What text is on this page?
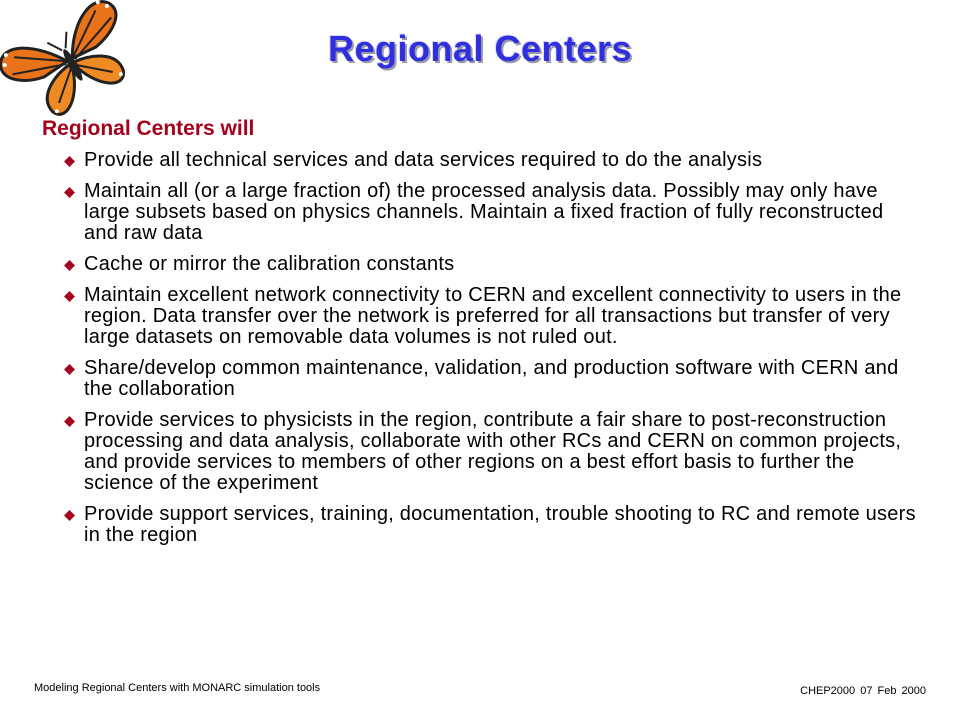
Regional Centers
Regional Centers will
Provide all technical services and data services required to do the analysis
Maintain all (or a large fraction of) the processed analysis data. Possibly may only have large subsets based on physics channels. Maintain a fixed fraction of fully reconstructed and raw data
Cache or mirror the calibration constants
Maintain excellent network connectivity to CERN and excellent connectivity to users in the region. Data transfer over the network is preferred for all transactions but transfer of very large datasets on removable data volumes is not ruled out.
Share/develop common maintenance, validation, and production software with CERN and the collaboration
Provide services to physicists in the region, contribute a fair share to post-reconstruction processing and data analysis, collaborate with other RCs and CERN on common projects, and provide services to members of other regions on a best effort basis to further the science of the experiment
Provide support services, training, documentation, trouble shooting to RC and remote users in the region
Modeling Regional Centers with MONARC simulation tools	CHEP2000 07 Feb 2000
